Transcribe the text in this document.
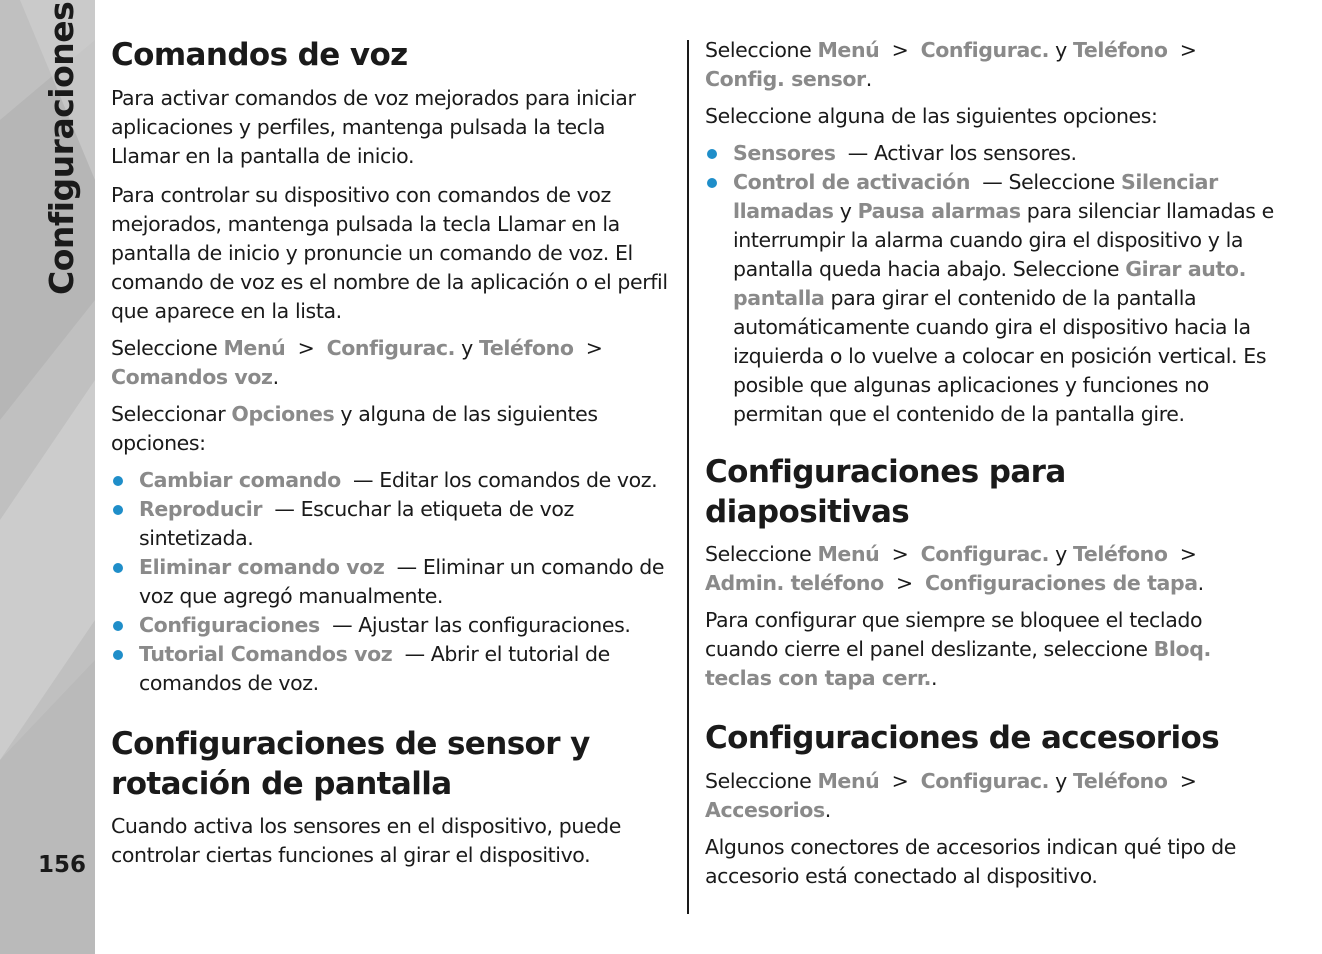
Configuraciones
156
Comandos de voz

Para activar comandos de voz mejorados para iniciar aplicaciones y perfiles, mantenga pulsada la tecla Llamar en la pantalla de inicio.

Para controlar su dispositivo con comandos de voz mejorados, mantenga pulsada la tecla Llamar en la pantalla de inicio y pronuncie un comando de voz. El comando de voz es el nombre de la aplicación o el perfil que aparece en la lista.

Seleccione Menú  >  Configurac. y Teléfono  >
Comandos voz.

Seleccionar Opciones y alguna de las siguientes opciones:

Cambiar comando  — Editar los comandos de voz.
Reproducir  — Escuchar la etiqueta de voz sintetizada.
Eliminar comando voz  — Eliminar un comando de voz que agregó manualmente.
Configuraciones  — Ajustar las configuraciones.
Tutorial Comandos voz  — Abrir el tutorial de comandos de voz.
Configuraciones de sensor y rotación de pantalla

Cuando activa los sensores en el dispositivo, puede controlar ciertas funciones al girar el dispositivo.

Seleccione Menú  >  Configurac. y Teléfono  >
Config. sensor.

Seleccione alguna de las siguientes opciones:

Sensores  — Activar los sensores.
Control de activación  — Seleccione Silenciar llamadas y Pausa alarmas para silenciar llamadas e interrumpir la alarma cuando gira el dispositivo y la pantalla queda hacia abajo. Seleccione Girar auto. pantalla para girar el contenido de la pantalla automáticamente cuando gira el dispositivo hacia la izquierda o lo vuelve a colocar en posición vertical. Es posible que algunas aplicaciones y funciones no permitan que el contenido de la pantalla gire.
Configuraciones para diapositivas

Seleccione Menú  >  Configurac. y Teléfono  >
Admin. teléfono  >  Configuraciones de tapa.

Para configurar que siempre se bloquee el teclado cuando cierre el panel deslizante, seleccione Bloq. teclas con tapa cerr..

Configuraciones de accesorios

Seleccione Menú  >  Configurac. y Teléfono  >
Accesorios.

Algunos conectores de accesorios indican qué tipo de accesorio está conectado al dispositivo.
